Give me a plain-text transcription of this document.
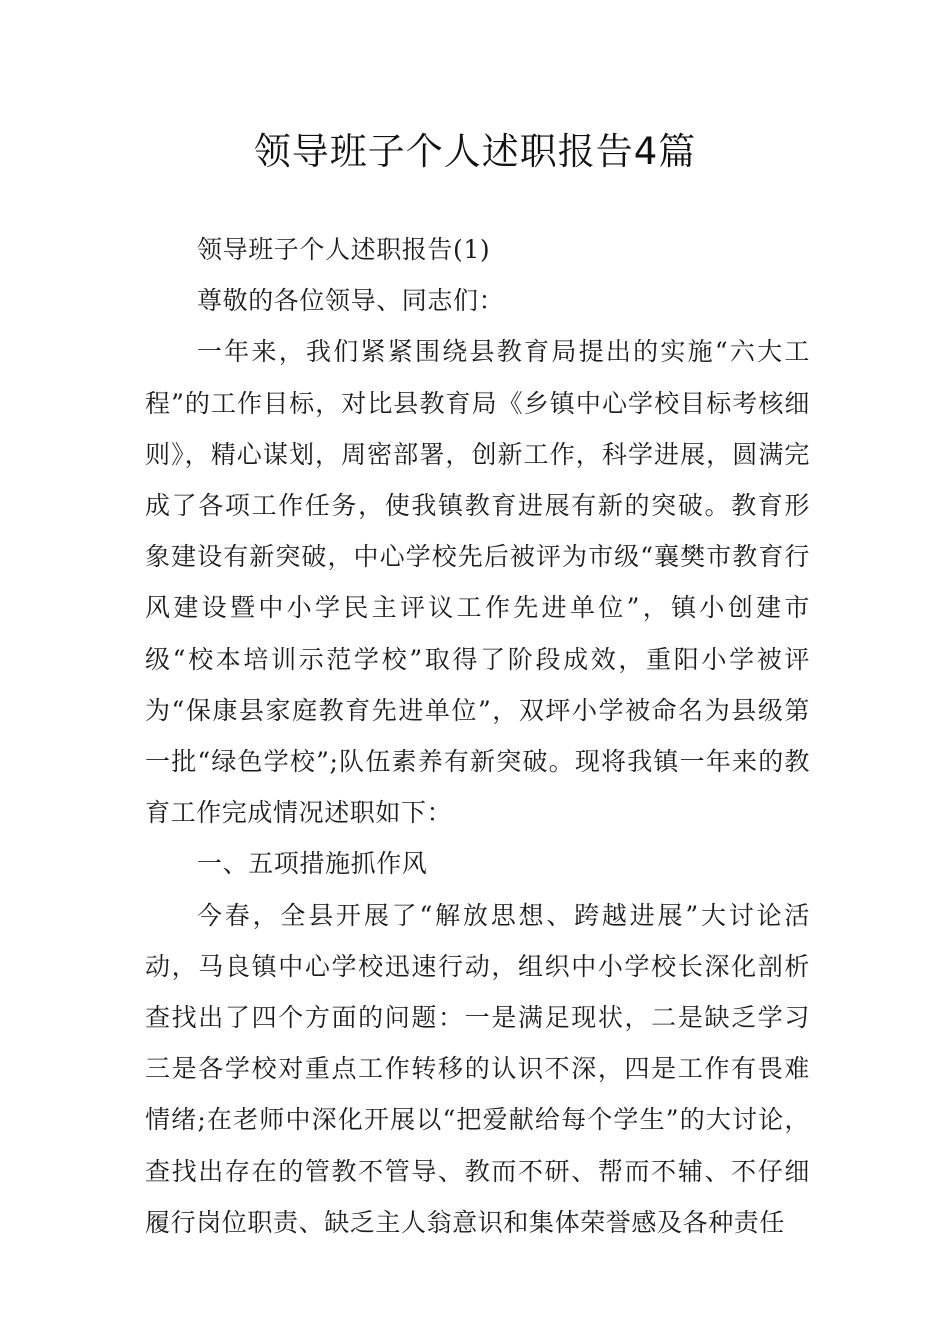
领导班子个人述职报告4篇

领导班子个人述职报告(1)

尊敬的各位领导、同志们：

一年来，我们紧紧围绕县教育局提出的实施“六大工程”的工作目标，对比县教育局《乡镇中心学校目标考核细则》，精心谋划，周密部署，创新工作，科学进展，圆满完成了各项工作任务，使我镇教育进展有新的突破。教育形象建设有新突破，中心学校先后被评为市级“襄樊市教育行风建设暨中小学民主评议工作先进单位”，镇小创建市级“校本培训示范学校”取得了阶段成效，重阳小学被评为“保康县家庭教育先进单位”，双坪小学被命名为县级第一批“绿色学校”;队伍素养有新突破。现将我镇一年来的教育工作完成情况述职如下：

一、五项措施抓作风

今春，全县开展了“解放思想、跨越进展”大讨论活动，马良镇中心学校迅速行动，组织中小学校长深化剖析查找出了四个方面的问题：一是满足现状，二是缺乏学习三是各学校对重点工作转移的认识不深，四是工作有畏难情绪;在老师中深化开展以“把爱献给每个学生”的大讨论，查找出存在的管教不管导、教而不研、帮而不辅、不仔细履行岗位职责、缺乏主人翁意识和集体荣誉感及各种责任
